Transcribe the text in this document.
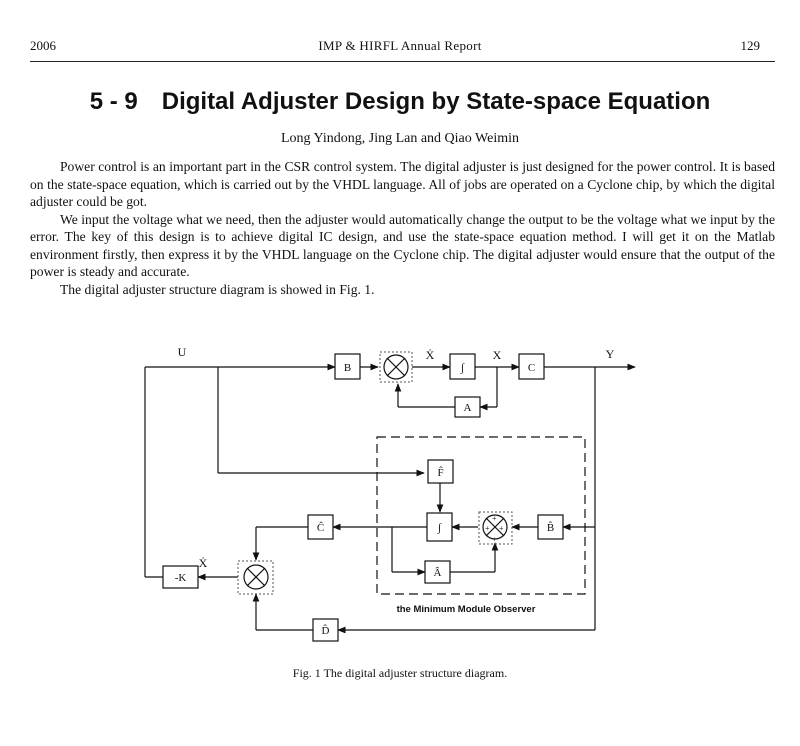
2006	IMP & HIRFL Annual Report	129
5 - 9 Digital Adjuster Design by State-space Equation
Long Yindong, Jing Lan and Qiao Weimin

Power control is an important part in the CSR control system. The digital adjuster is just designed for the power control. It is based on the state-space equation, which is carried out by the VHDL language. All of jobs are operated on a Cyclone chip, by which the digital adjuster could be got.

We input the voltage what we need, then the adjuster would automatically change the output to be the voltage what we input by the error. The key of this design is to achieve digital IC design, and use the state-space equation method. I will get it on the Matlab environment firstly, then express it by the VHDL language on the Cyclone chip. The digital adjuster would ensure that the output of the power is steady and accurate.

The digital adjuster structure diagram is showed in Fig. 1.

+ +
+
+
U	Ẋ	X	Y
Ẋ
B	∫	C
A
F̂
∫	B̂
Ĉ
Â
D̂
-K
the Minimum Module Observer
Fig. 1 The digital adjuster structure diagram.
